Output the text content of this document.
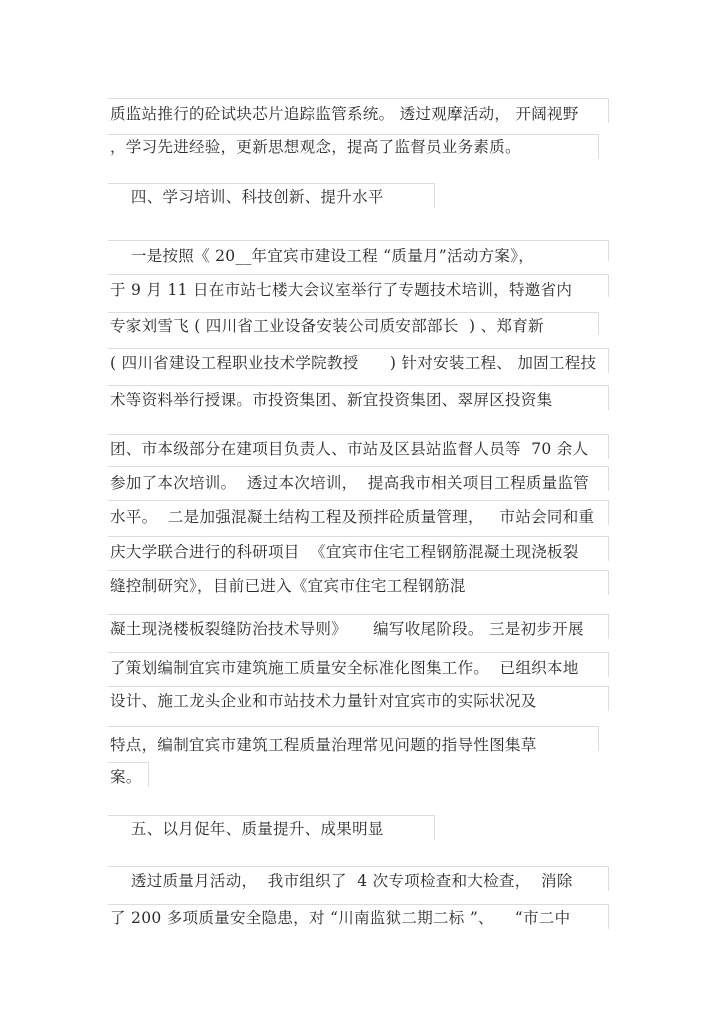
质监站推行的砼试块芯片追踪监管系统。 透过观摩活动， 开阔视野
，学习先进经验，更新思想观念，提高了监督员业务素质。
四、学习培训、科技创新、提升水平
一是按照《 20__年宜宾市建设工程 “质量月”活动方案》，
于 9 月 11 日在市站七楼大会议室举行了专题技术培训，特邀省内
专家刘雪飞 ( 四川省工业设备安装公司质安部部长  ) 、郑育新
( 四川省建设工程职业技术学院教授      ) 针对安装工程、 加固工程技
术等资料举行授课。市投资集团、新宜投资集团、翠屏区投资集
团、市本级部分在建项目负责人、市站及区县站监督人员等  70 余人
参加了本次培训。  透过本次培训，  提高我市相关项目工程质量监管
水平。  二是加强混凝土结构工程及预拌砼质量管理，   市站会同和重
庆大学联合进行的科研项目  《宜宾市住宅工程钢筋混凝土现浇板裂
缝控制研究》，目前已进入《宜宾市住宅工程钢筋混
凝土现浇楼板裂缝防治技术导则》     编写收尾阶段。 三是初步开展
了策划编制宜宾市建筑施工质量安全标准化图集工作。  已组织本地
设计、施工龙头企业和市站技术力量针对宜宾市的实际状况及
特点，编制宜宾市建筑工程质量治理常见问题的指导性图集草
案。
五、以月促年、质量提升、成果明显
透过质量月活动，  我市组织了  4 次专项检查和大检查，  消除
了 200 多项质量安全隐患，对 “川南监狱二期二标 ”、    “市二中
